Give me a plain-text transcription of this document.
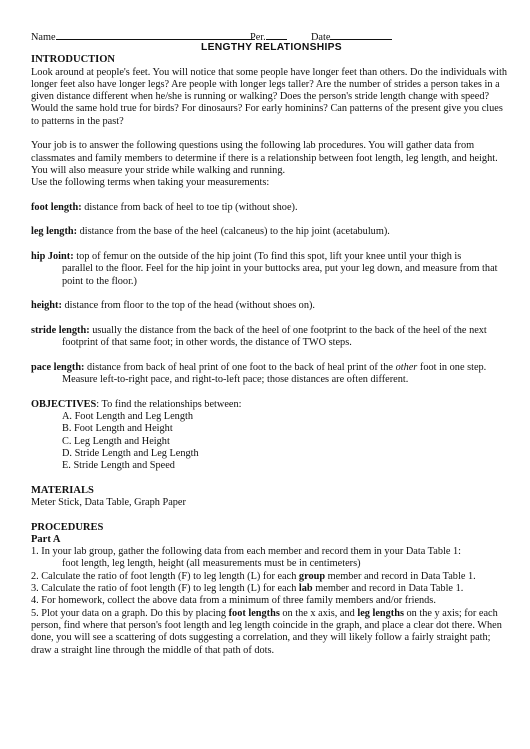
Name	Per.	Date
LENGTHY RELATIONSHIPS
INTRODUCTION

Look around at people's feet. You will notice that some people have longer feet than others. Do the individuals with longer feet also have longer legs? Are people with longer legs taller? Are the number of strides a person takes in a given distance different when he/she is running or walking? Does the person's stride length change with speed? Would the same hold true for birds? For dinosaurs? For early hominins? Can patterns of the present give you clues to patterns in the past?

Your job is to answer the following questions using the following lab procedures. You will gather data from classmates and family members to determine if there is a relationship between foot length, leg length, and height. You will also measure your stride while walking and running.

Use the following terms when taking your measurements:

foot length: distance from back of heel to toe tip (without shoe).

leg length: distance from the base of the heel (calcaneus) to the hip joint (acetabulum).

hip Joint: top of femur on the outside of the hip joint (To find this spot, lift your knee until your thigh is

parallel to the floor. Feel for the hip joint in your buttocks area, put your leg down, and measure from that point to the floor.)

height: distance from floor to the top of the head (without shoes on).

stride length: usually the distance from the back of the heel of one footprint to the back of the heel of the next

footprint of that same foot; in other words, the distance of TWO steps.

pace length: distance from back of heal print of one foot to the back of heal print of the other foot in one step.

Measure left-to-right pace, and right-to-left pace; those distances are often different.

OBJECTIVES: To find the relationships between:

A. Foot Length and Leg Length
B. Foot Length and Height
C. Leg Length and Height
D. Stride Length and Leg Length
E. Stride Length and Speed
MATERIALS

Meter Stick, Data Table, Graph Paper

PROCEDURES
Part A

1. In your lab group, gather the following data from each member and record them in your Data Table 1:

foot length, leg length, height (all measurements must be in centimeters)

2. Calculate the ratio of foot length (F) to leg length (L) for each group member and record in Data Table 1.

3. Calculate the ratio of foot length (F) to leg length (L) for each lab member and record in Data Table 1.

4. For homework, collect the above data from a minimum of three family members and/or friends.

5. Plot your data on a graph. Do this by placing foot lengths on the x axis, and leg lengths on the y axis; for each person, find where that person's foot length and leg length coincide in the graph, and place a clear dot there. When done, you will see a scattering of dots suggesting a correlation, and they will likely follow a fairly straight path; draw a straight line through the middle of that path of dots.
